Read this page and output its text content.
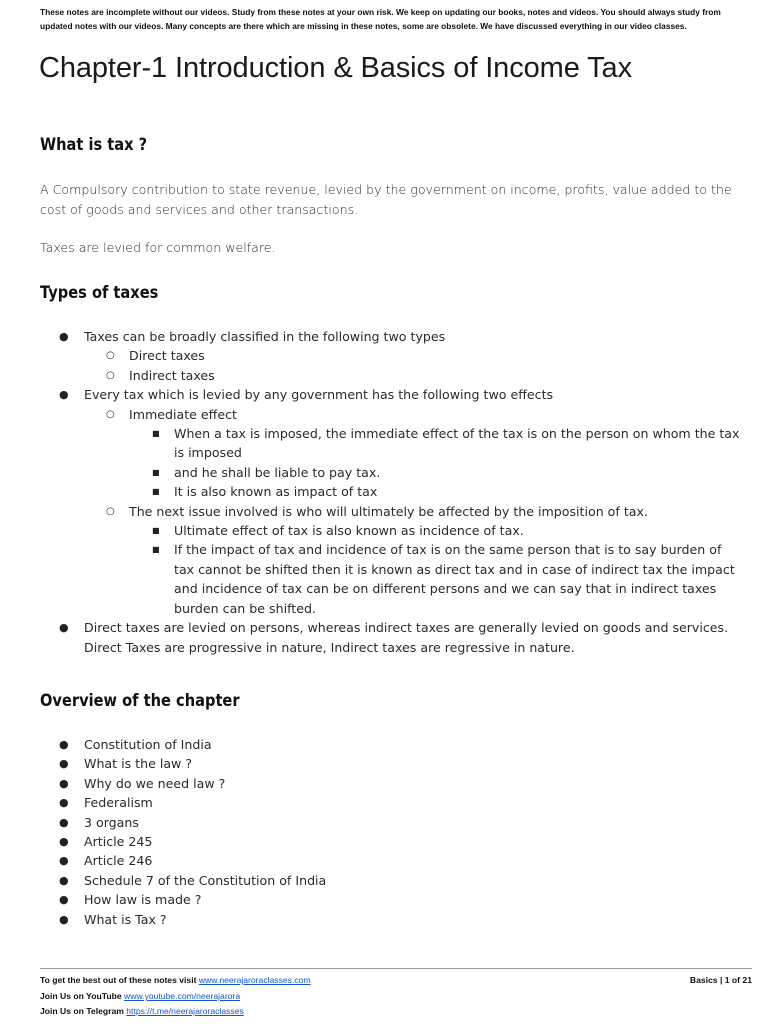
These notes are incomplete without our videos. Study from these notes at your own risk. We keep on updating our books, notes and videos. You should always study from updated notes with our videos. Many concepts are there which are missing in these notes, some are obsolete. We have discussed everything in our video classes.
Chapter-1 Introduction & Basics of Income Tax
What is tax ?

A Compulsory contribution to state revenue, levied by the government on income, profits, value added to the cost of goods and services and other transactions.

Taxes are levied for common welfare.

Types of taxes
● Taxes can be broadly classified in the following two types
○ Direct taxes
○ Indirect taxes
● Every tax which is levied by any government has the following two effects
○ Immediate effect
■ When a tax is imposed, the immediate effect of the tax is on the person on whom the tax is imposed
■ and he shall be liable to pay tax.
■ It is also known as impact of tax
○ The next issue involved is who will ultimately be affected by the imposition of tax.
■ Ultimate effect of tax is also known as incidence of tax.
■ If the impact of tax and incidence of tax is on the same person that is to say burden of tax cannot be shifted then it is known as direct tax and in case of indirect tax the impact and incidence of tax can be on different persons and we can say that in indirect taxes burden can be shifted.
● Direct taxes are levied on persons, whereas indirect taxes are generally levied on goods and services. Direct Taxes are progressive in nature, Indirect taxes are regressive in nature.
Overview of the chapter
● Constitution of India
● What is the law ?
● Why do we need law ?
● Federalism
● 3 organs
● Article 245
● Article 246
● Schedule 7 of the Constitution of India
● How law is made ?
● What is Tax ?
To get the best out of these notes visit www.neerajaroraclasses.com
Join Us on YouTube www.youtube.com/neerajarora
Join Us on Telegram https://t.me/neerajaroraclasses
Basics | 1 of 21
